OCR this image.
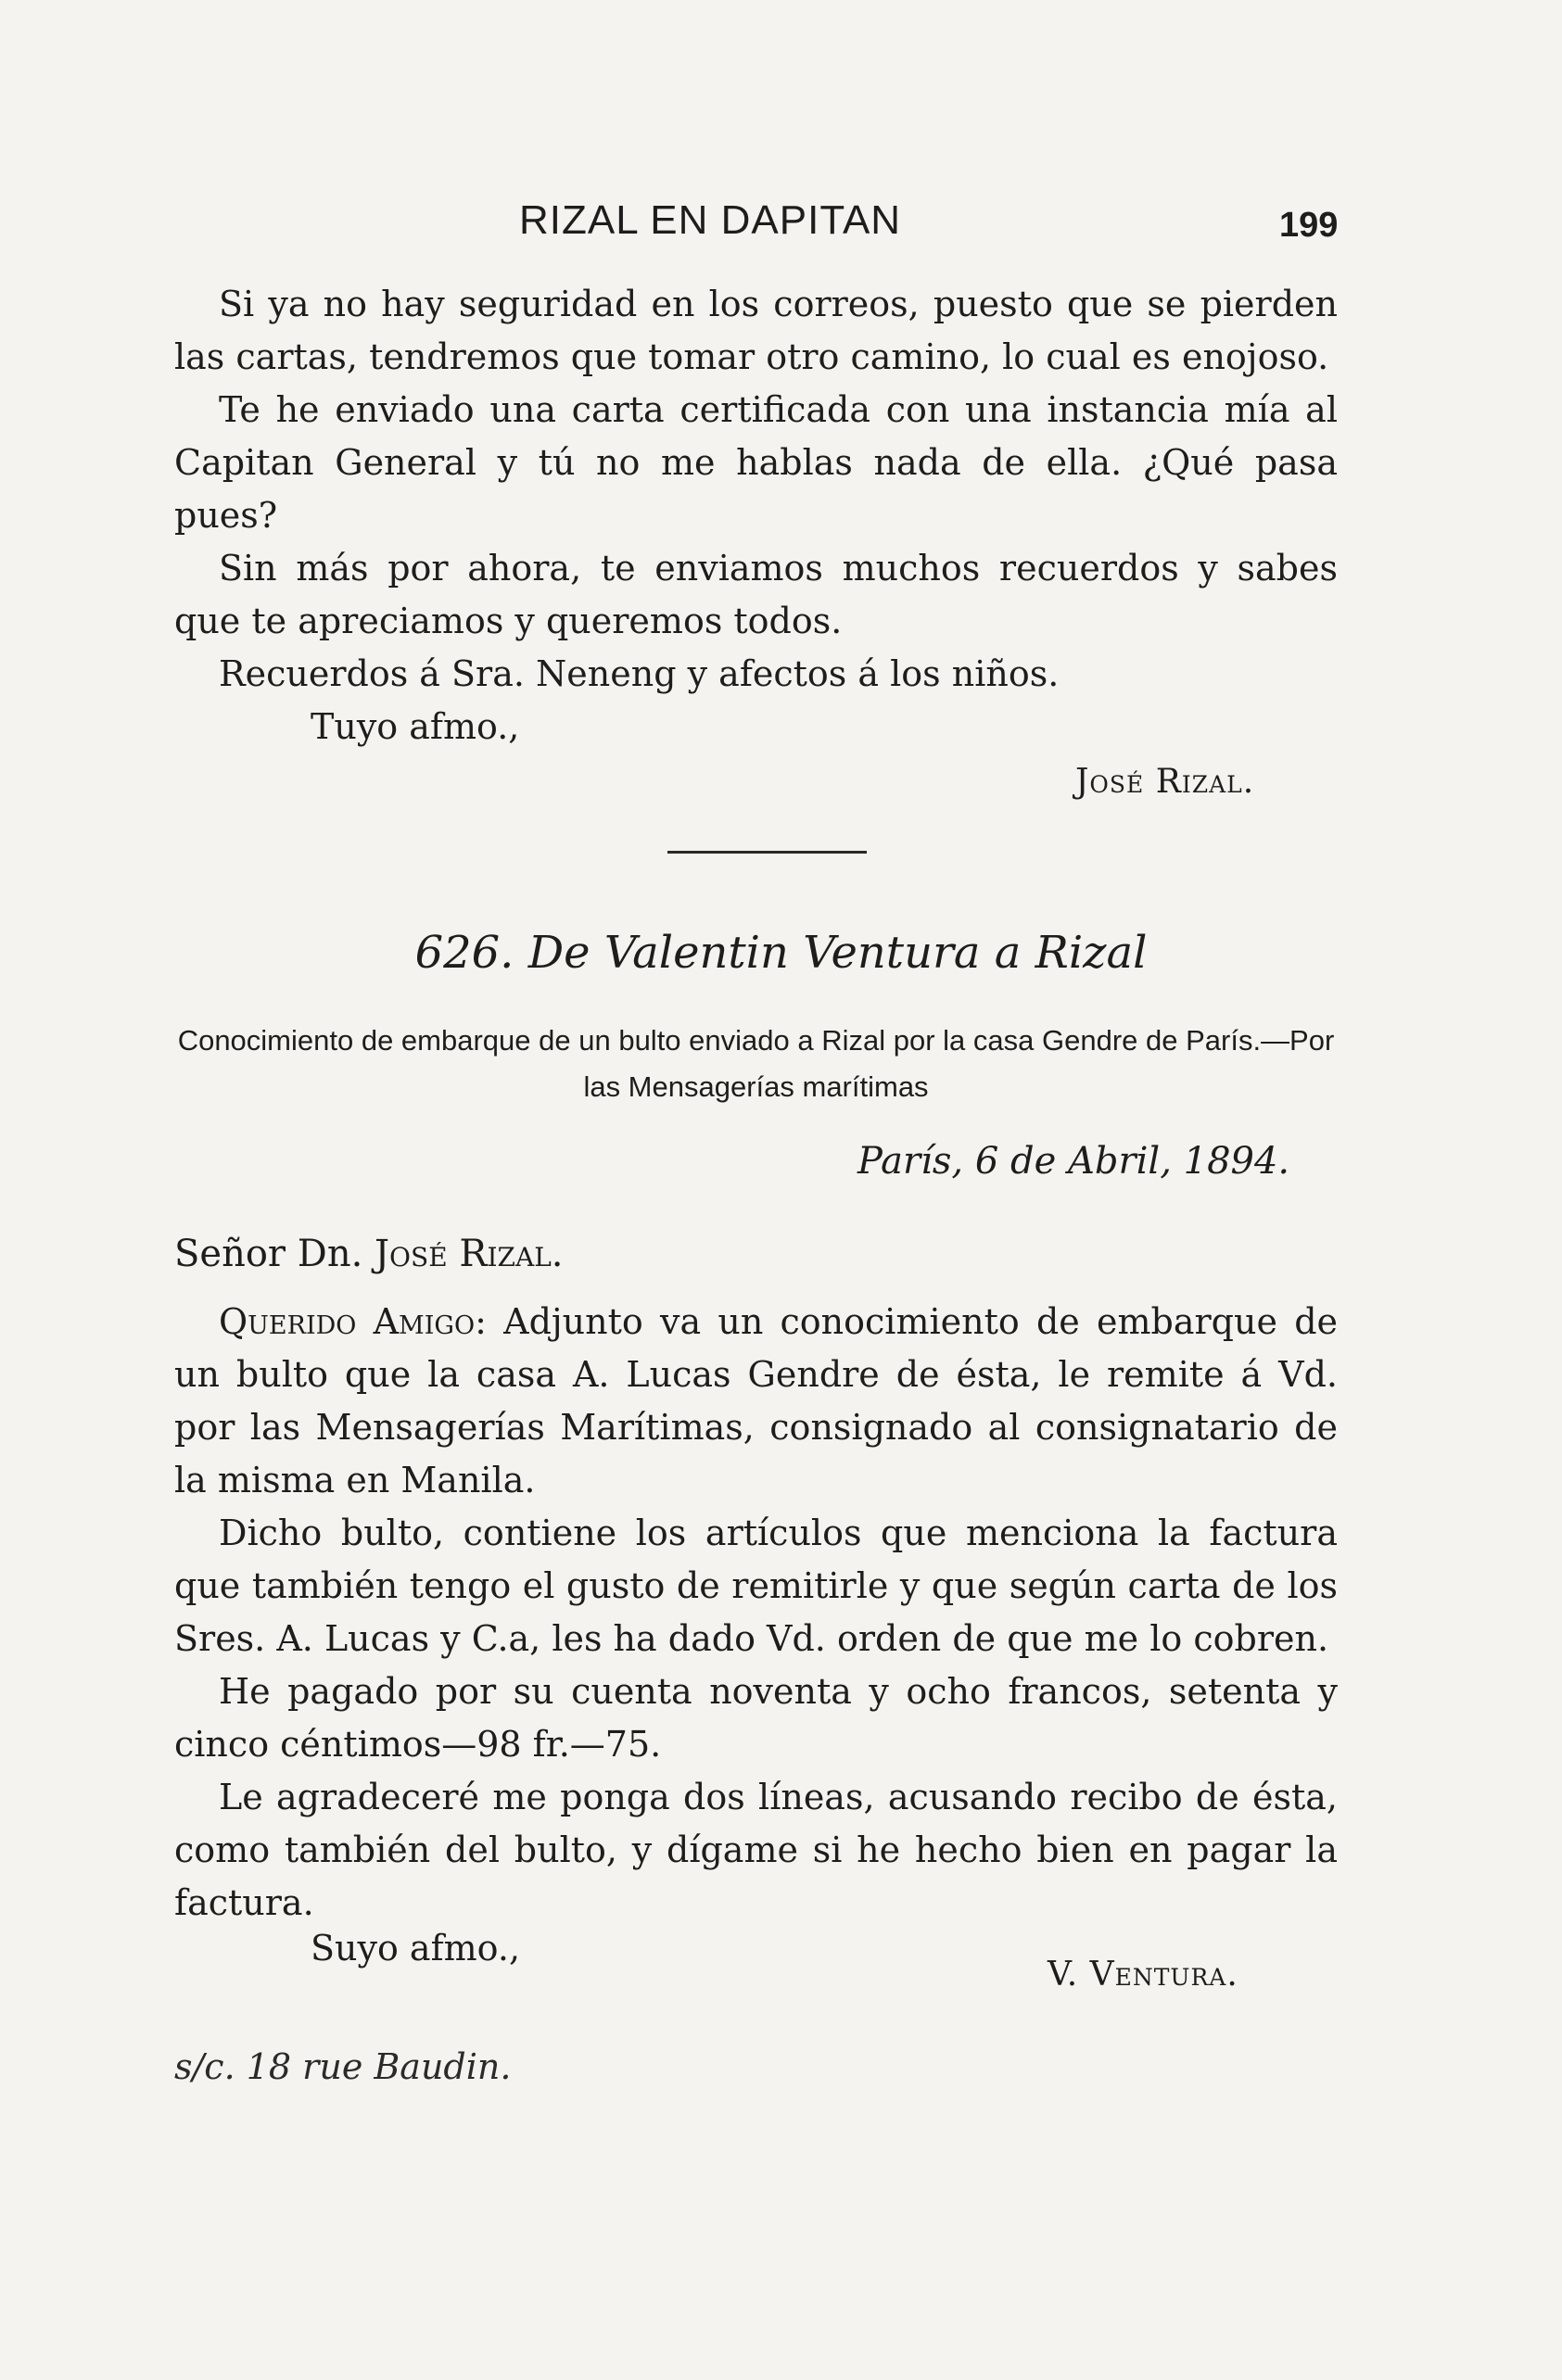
RIZAL EN DAPITAN	199

Si ya no hay seguridad en los correos, puesto que se pierden las cartas, tendremos que tomar otro camino, lo cual es enojoso.

Te he enviado una carta certificada con una instancia mía al Capitan General y tú no me hablas nada de ella. ¿Qué pasa pues?

Sin más por ahora, te enviamos muchos recuerdos y sabes que te apreciamos y queremos todos.

Recuerdos á Sra. Neneng y afectos á los niños.

Tuyo afmo.,
José Rizal.
626. De Valentin Ventura a Rizal
Conocimiento de embarque de un bulto enviado a Rizal por la casa Gendre de París.—Por las Mensagerías marítimas
París, 6 de Abril, 1894.
Señor Dn. José Rizal.

Querido Amigo: Adjunto va un conocimiento de embarque de un bulto que la casa A. Lucas Gendre de ésta, le remite á Vd. por las Mensagerías Marítimas, consignado al consignatario de la misma en Manila.

Dicho bulto, contiene los artículos que menciona la factura que también tengo el gusto de remitirle y que según carta de los Sres. A. Lucas y C.a, les ha dado Vd. orden de que me lo cobren.

He pagado por su cuenta noventa y ocho francos, setenta y cinco céntimos—98 fr.—75.

Le agradeceré me ponga dos líneas, acusando recibo de ésta, como también del bulto, y dígame si he hecho bien en pagar la factura.

Suyo afmo.,
V. Ventura.
s/c. 18 rue Baudin.
